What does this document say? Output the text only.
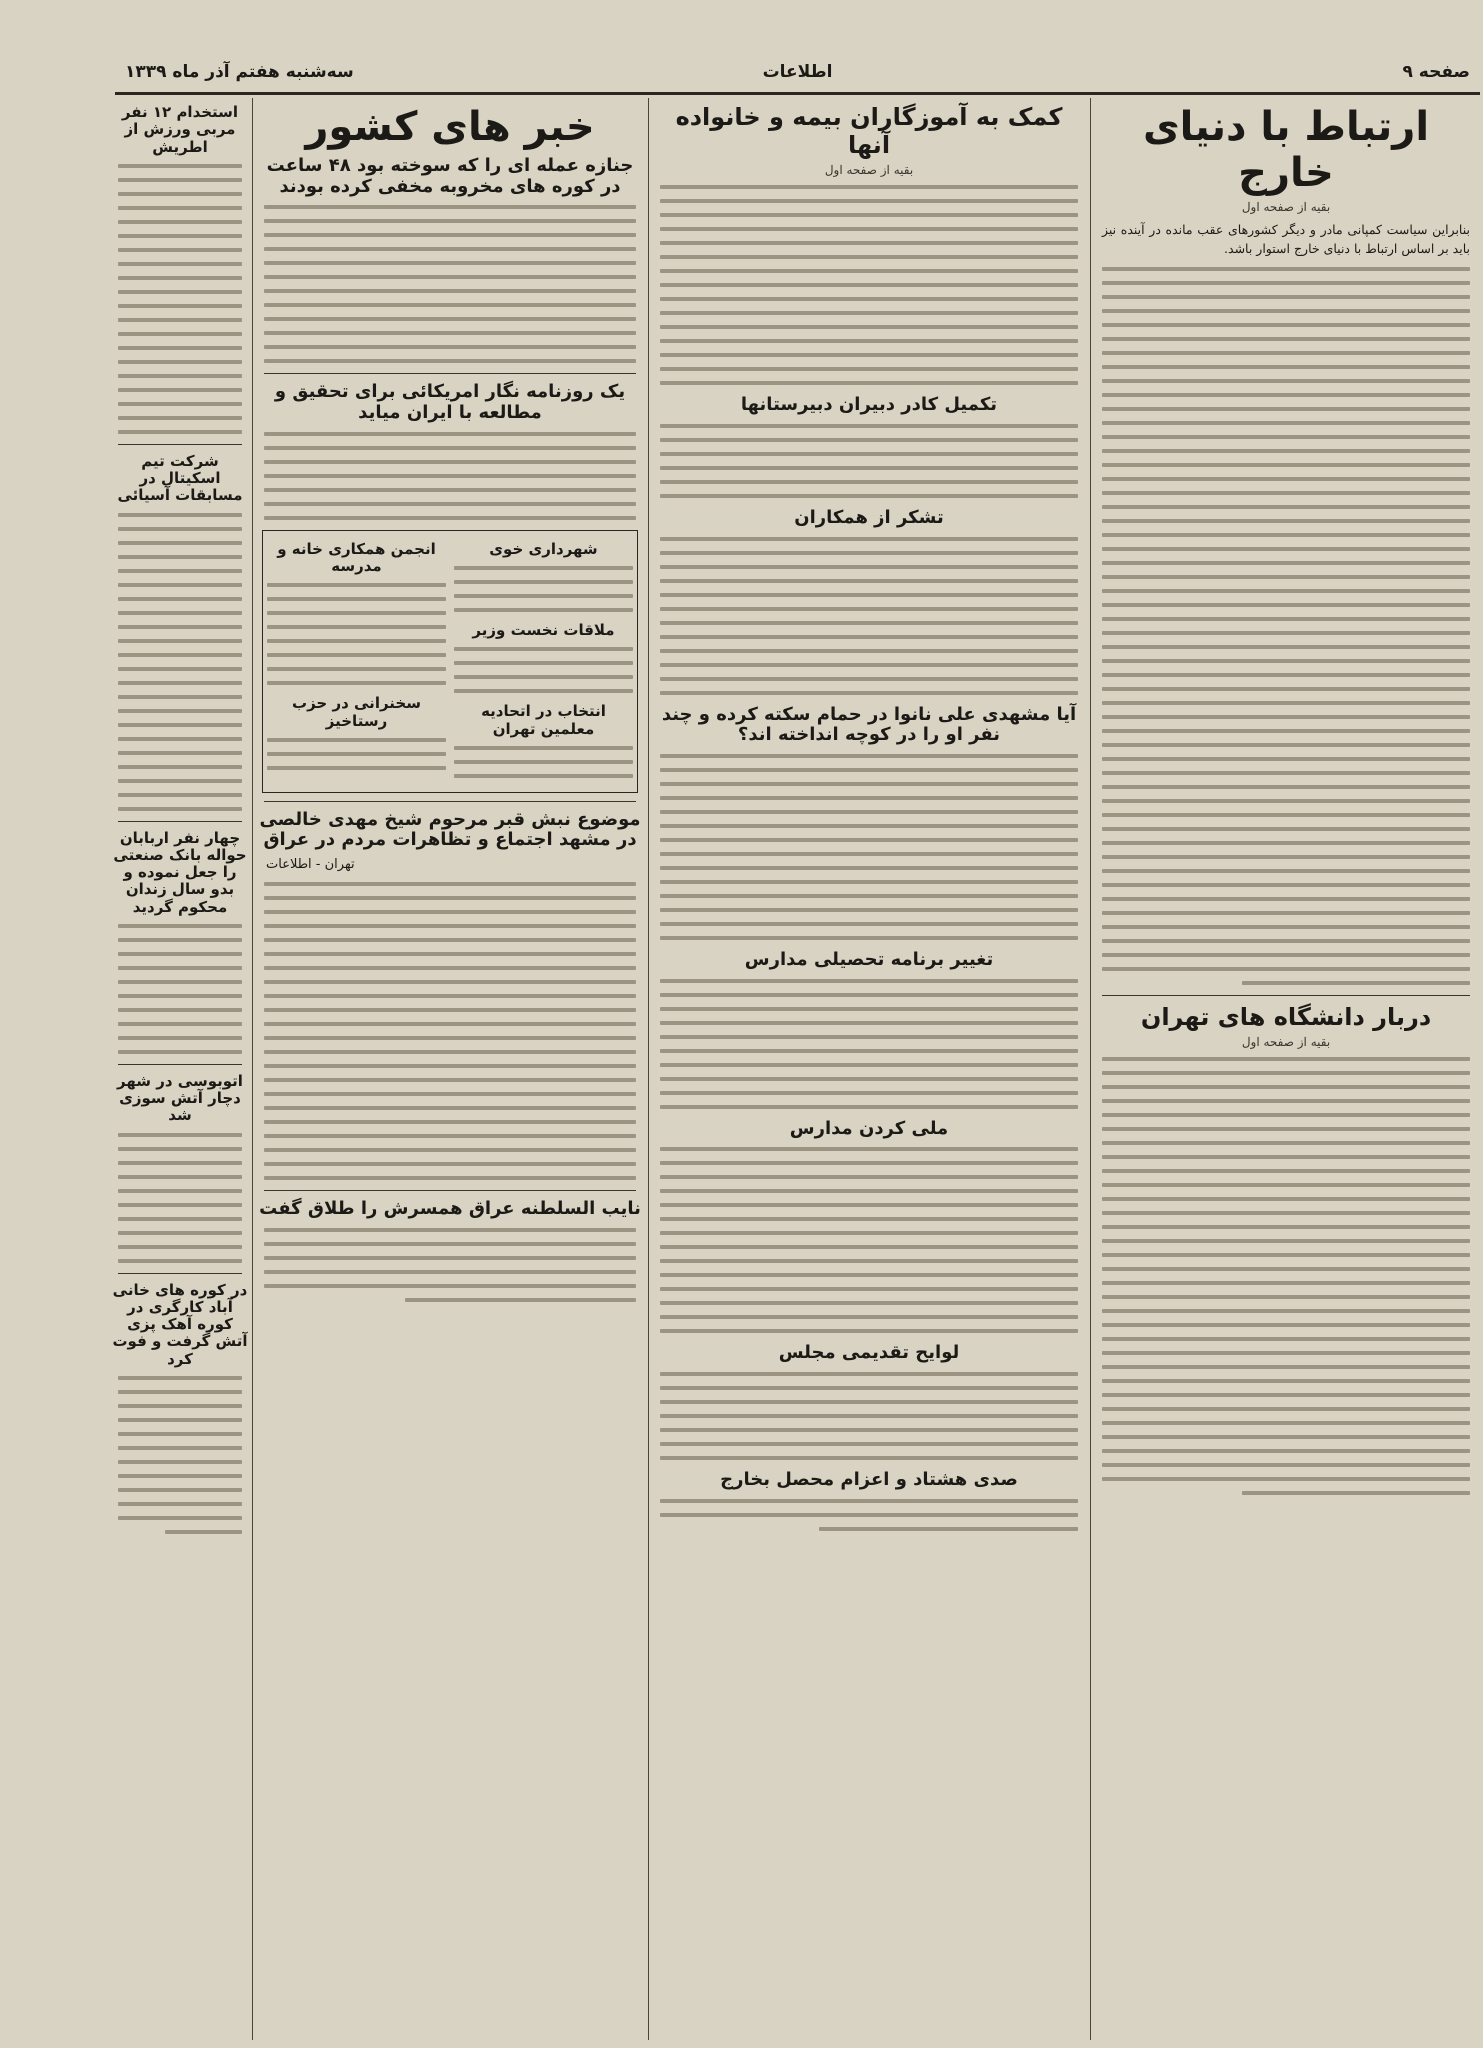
صفحه ۹
اطلاعات
سه‌شنبه هفتم آذر ماه ۱۳۳۹
ارتباط با دنیای خارج
بقیه از صفحه اول

بنابراین سیاست کمپانی مادر و دیگر کشورهای عقب مانده در آینده نیز باید بر اساس ارتباط با دنیای خارج استوار باشد.

دربار دانشگاه های تهران
بقیه از صفحه اول
کمک به آموزگاران بیمه و خانواده آنها
بقیه از صفحه اول
تکمیل کادر دبیران دبیرستانها
تشکر از همکاران
آیا مشهدی علی نانوا در حمام سکته کرده و چند نفر او را در کوچه انداخته اند؟
تغییر برنامه تحصیلی مدارس
ملی کردن مدارس
لوایح تقدیمی مجلس
صدی هشتاد و اعزام محصل بخارج
خبر های کشور
جنازه عمله ای را که سوخته بود ۴۸ ساعت در کوره های مخروبه مخفی کرده بودند
یک روزنامه نگار امریکائی برای تحقیق و مطالعه با ایران میاید
شهرداری خوی
ملاقات نخست وزیر
انتخاب در اتحادیه معلمین تهران
انجمن همکاری خانه و مدرسه
سخنرانی در حزب رستاخیز
موضوع نبش قبر مرحوم شیخ مهدی خالصی در مشهد اجتماع و تظاهرات مردم در عراق
تهران - اطلاعات
نایب السلطنه عراق همسرش را طلاق گفت
استخدام ۱۲ نفر مربی ورزش از اطریش
شرکت تیم اسکیتال در مسابقات آسیائی
چهار نفر اربابان حواله بانک صنعتی را جعل نموده و بدو سال زندان محکوم گردید
اتوبوسی در شهر دچار آتش سوزی شد
در کوره های خانی آباد کارگری در کوره آهک پزی آتش گرفت و فوت کرد
